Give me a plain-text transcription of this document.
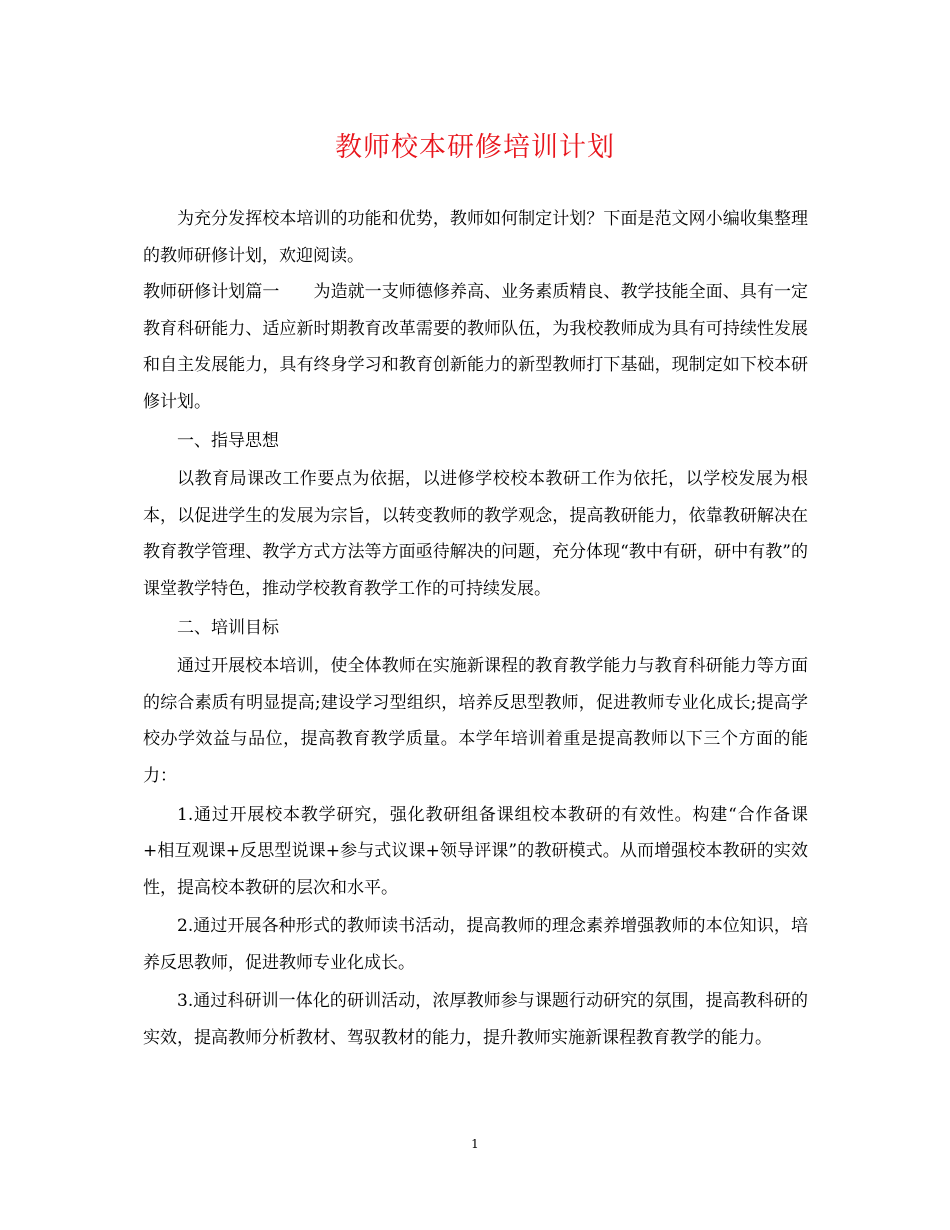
教师校本研修培训计划

为充分发挥校本培训的功能和优势，教师如何制定计划？下面是范文网小编收集整理的教师研修计划，欢迎阅读。

教师研修计划篇一　　为造就一支师德修养高、业务素质精良、教学技能全面、具有一定教育科研能力、适应新时期教育改革需要的教师队伍，为我校教师成为具有可持续性发展和自主发展能力，具有终身学习和教育创新能力的新型教师打下基础，现制定如下校本研修计划。

一、指导思想

以教育局课改工作要点为依据，以进修学校校本教研工作为依托，以学校发展为根本，以促进学生的发展为宗旨，以转变教师的教学观念，提高教研能力，依靠教研解决在教育教学管理、教学方式方法等方面亟待解决的问题，充分体现“教中有研，研中有教”的课堂教学特色，推动学校教育教学工作的可持续发展。

二、培训目标

通过开展校本培训，使全体教师在实施新课程的教育教学能力与教育科研能力等方面的综合素质有明显提高;建设学习型组织，培养反思型教师，促进教师专业化成长;提高学校办学效益与品位，提高教育教学质量。本学年培训着重是提高教师以下三个方面的能力：

1.通过开展校本教学研究，强化教研组备课组校本教研的有效性。构建“合作备课+相互观课+反思型说课+参与式议课+领导评课”的教研模式。从而增强校本教研的实效性，提高校本教研的层次和水平。

2.通过开展各种形式的教师读书活动，提高教师的理念素养增强教师的本位知识，培养反思教师，促进教师专业化成长。

3.通过科研训一体化的研训活动，浓厚教师参与课题行动研究的氛围，提高教科研的实效，提高教师分析教材、驾驭教材的能力，提升教师实施新课程教育教学的能力。

1
